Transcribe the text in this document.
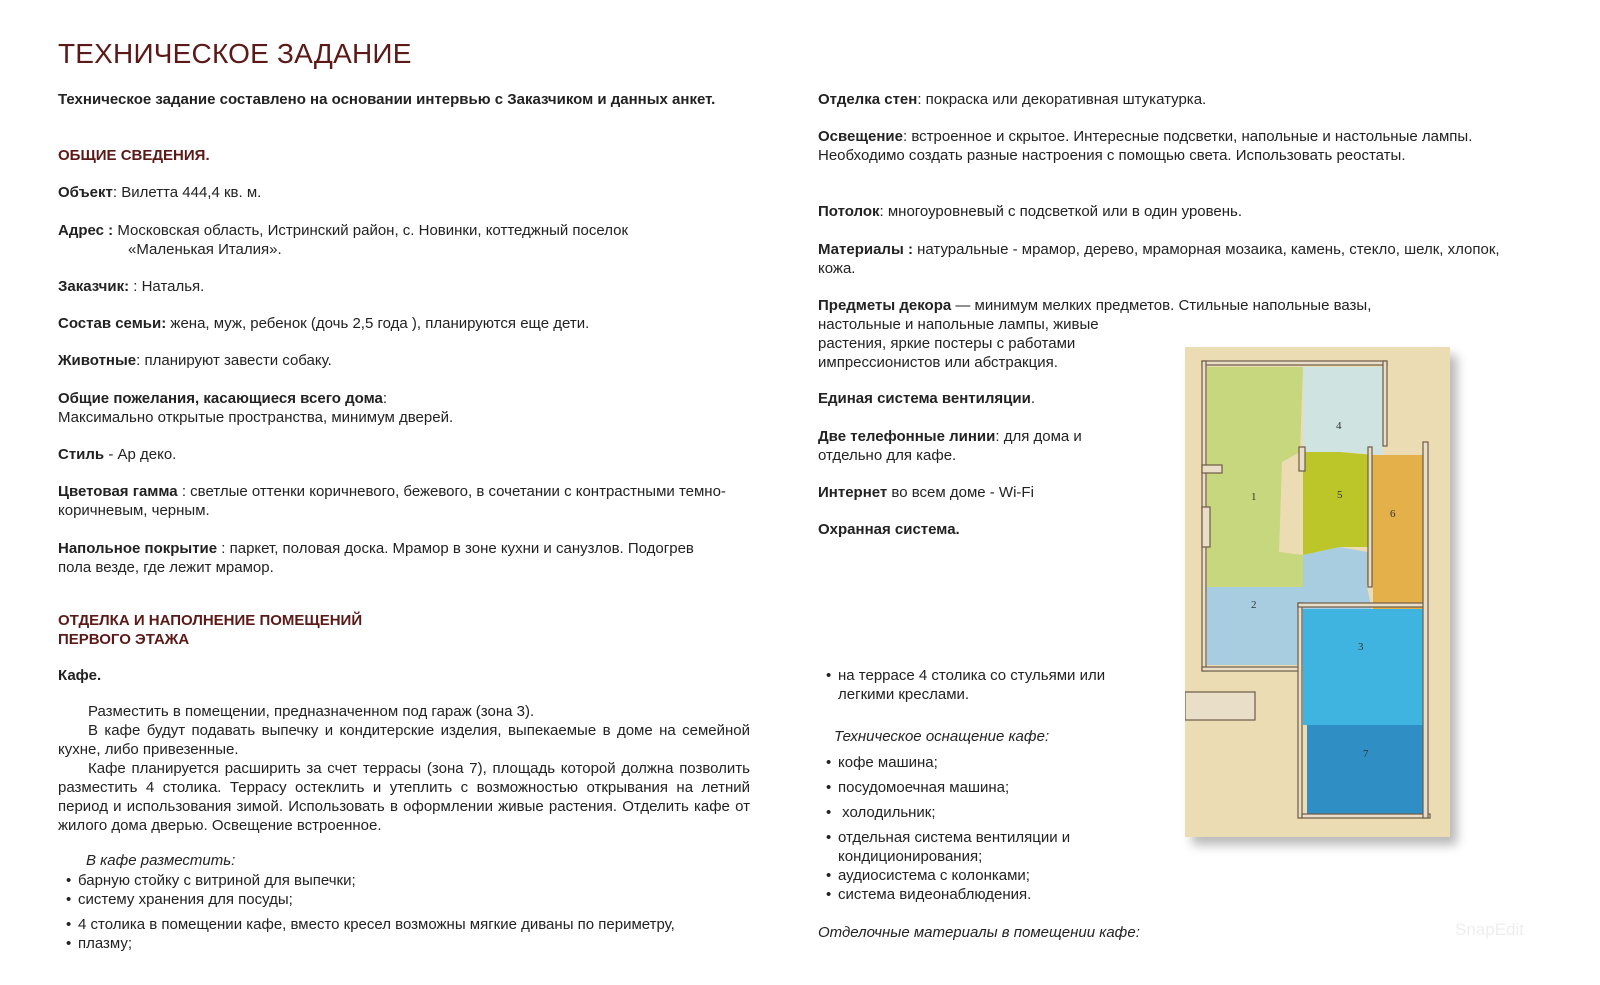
ТЕХНИЧЕСКОЕ ЗАДАНИЕ

Техническое задание составлено на основании интервью с Заказчиком и данных анкет.

ОБЩИЕ СВЕДЕНИЯ.
Объект: Вилетта 444,4 кв. м.
Адрес : Московская область, Истринский район, с. Новинки, коттеджный поселок
«Маленькая Италия».
Заказчик: : Наталья.
Состав семьи: жена, муж, ребенок (дочь 2,5 года ), планируются еще дети.
Животные: планируют завести собаку.
Общие пожелания, касающиеся всего дома:
Максимально открытые пространства, минимум дверей.
Стиль - Ар деко.
Цветовая гамма : светлые оттенки коричневого, бежевого, в сочетании с контрастными темно-коричневым, черным.
Напольное покрытие : паркет, половая доска. Мрамор в зоне кухни и санузлов. Подогрев пола везде, где лежит мрамор.
ОТДЕЛКА И НАПОЛНЕНИЕ ПОМЕЩЕНИЙ
ПЕРВОГО ЭТАЖА
Кафе.

Разместить в помещении, предназначенном под гараж (зона 3).

В кафе будут подавать выпечку и кондитерские изделия, выпекаемые в доме на семейной кухне, либо привезенные.

Кафе планируется расширить за счет террасы (зона 7), площадь которой должна позволить разместить 4 столика. Террасу остеклить и утеплить с возможностью открывания на летний период и использования зимой. Использовать в оформлении живые растения. Отделить кафе от жилого дома дверью. Освещение встроенное.

В кафе разместить:
• барную стойку с витриной для выпечки;
• систему хранения для посуды;
• 4 столика в помещении кафе, вместо кресел возможны мягкие диваны по периметру,
• плазму;
Отделка стен: покраска или декоративная штукатурка.
Освещение: встроенное и скрытое. Интересные подсветки, напольные и настольные лампы. Необходимо создать разные настроения с помощью света. Использовать реостаты.
Потолок: многоуровневый с подсветкой или в один уровень.
Материалы : натуральные - мрамор, дерево, мраморная мозаика, камень, стекло, шелк, хлопок, кожа.
Предметы декора — минимум мелких предметов. Стильные напольные вазы,
настольные и напольные лампы, живые
растения, яркие постеры с работами
импрессионистов или абстракция.
Единая система вентиляции.
Две телефонные линии: для дома и
отдельно для кафе.
Интернет во всем доме - Wi-Fi
Охранная система.
• на террасе 4 столика со стульями или легкими креслами.
Техническое оснащение кафе:
• кофе машина;
• посудомоечная машина;
•  холодильник;
• отдельная система вентиляции и кондиционирования;
• аудиосистема с колонками;
• система видеонаблюдения.
Отделочные материалы в помещении кафе:
1
2
3
4
5
6
7
SnapEdit
